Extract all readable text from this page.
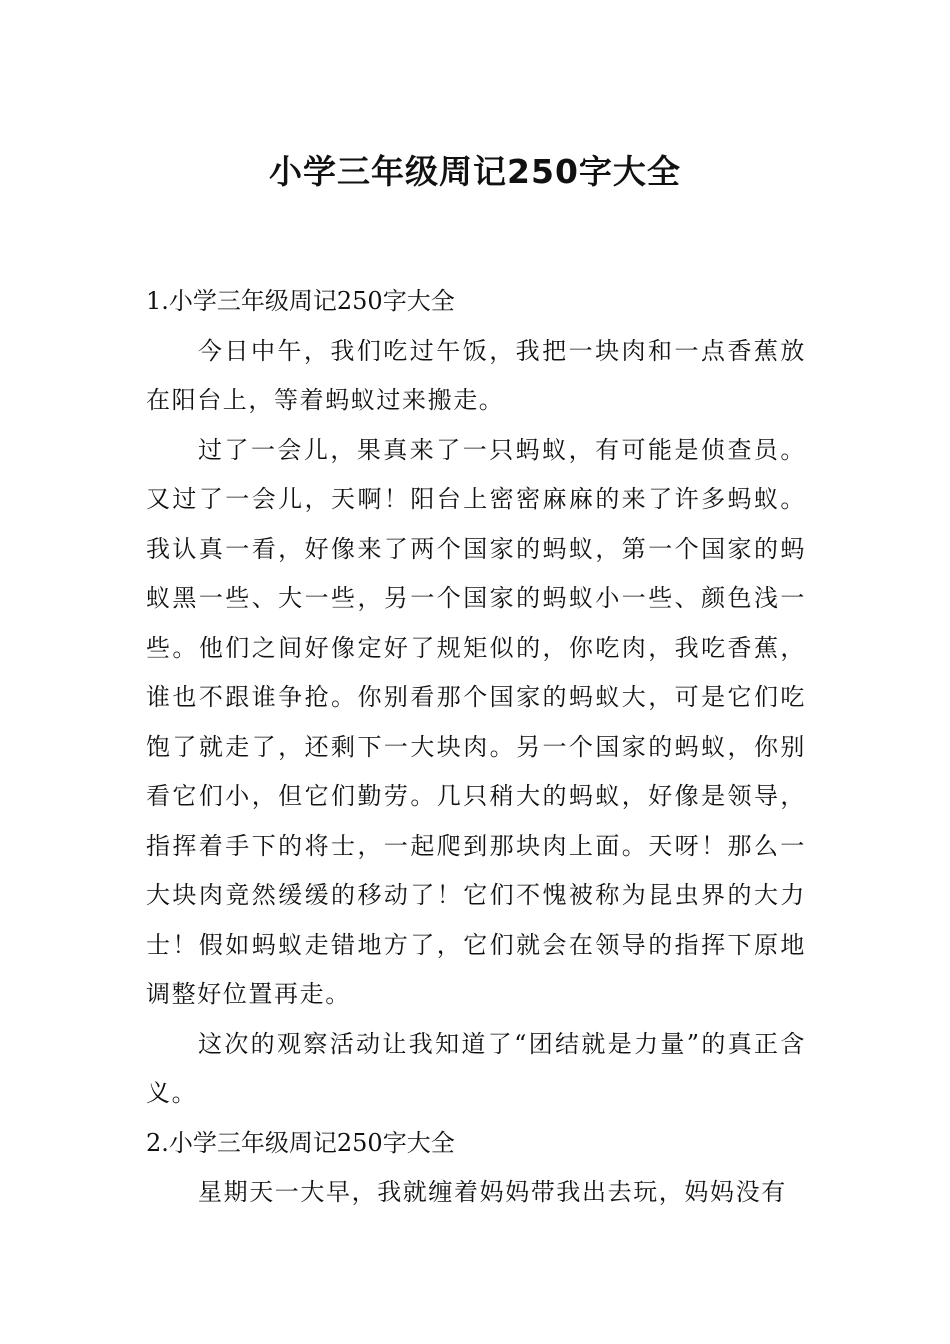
小学三年级周记250字大全
1.小学三年级周记250字大全

今日中午，我们吃过午饭，我把一块肉和一点香蕉放在阳台上，等着蚂蚁过来搬走。

过了一会儿，果真来了一只蚂蚁，有可能是侦查员。又过了一会儿，天啊！阳台上密密麻麻的来了许多蚂蚁。我认真一看，好像来了两个国家的蚂蚁，第一个国家的蚂蚁黑一些、大一些，另一个国家的蚂蚁小一些、颜色浅一些。他们之间好像定好了规矩似的，你吃肉，我吃香蕉，谁也不跟谁争抢。你别看那个国家的蚂蚁大，可是它们吃饱了就走了，还剩下一大块肉。另一个国家的蚂蚁，你别看它们小，但它们勤劳。几只稍大的蚂蚁，好像是领导，指挥着手下的将士，一起爬到那块肉上面。天呀！那么一大块肉竟然缓缓的移动了！它们不愧被称为昆虫界的大力士！假如蚂蚁走错地方了，它们就会在领导的指挥下原地调整好位置再走。

这次的观察活动让我知道了“团结就是力量”的真正含义。

2.小学三年级周记250字大全

星期天一大早，我就缠着妈妈带我出去玩，妈妈没有
